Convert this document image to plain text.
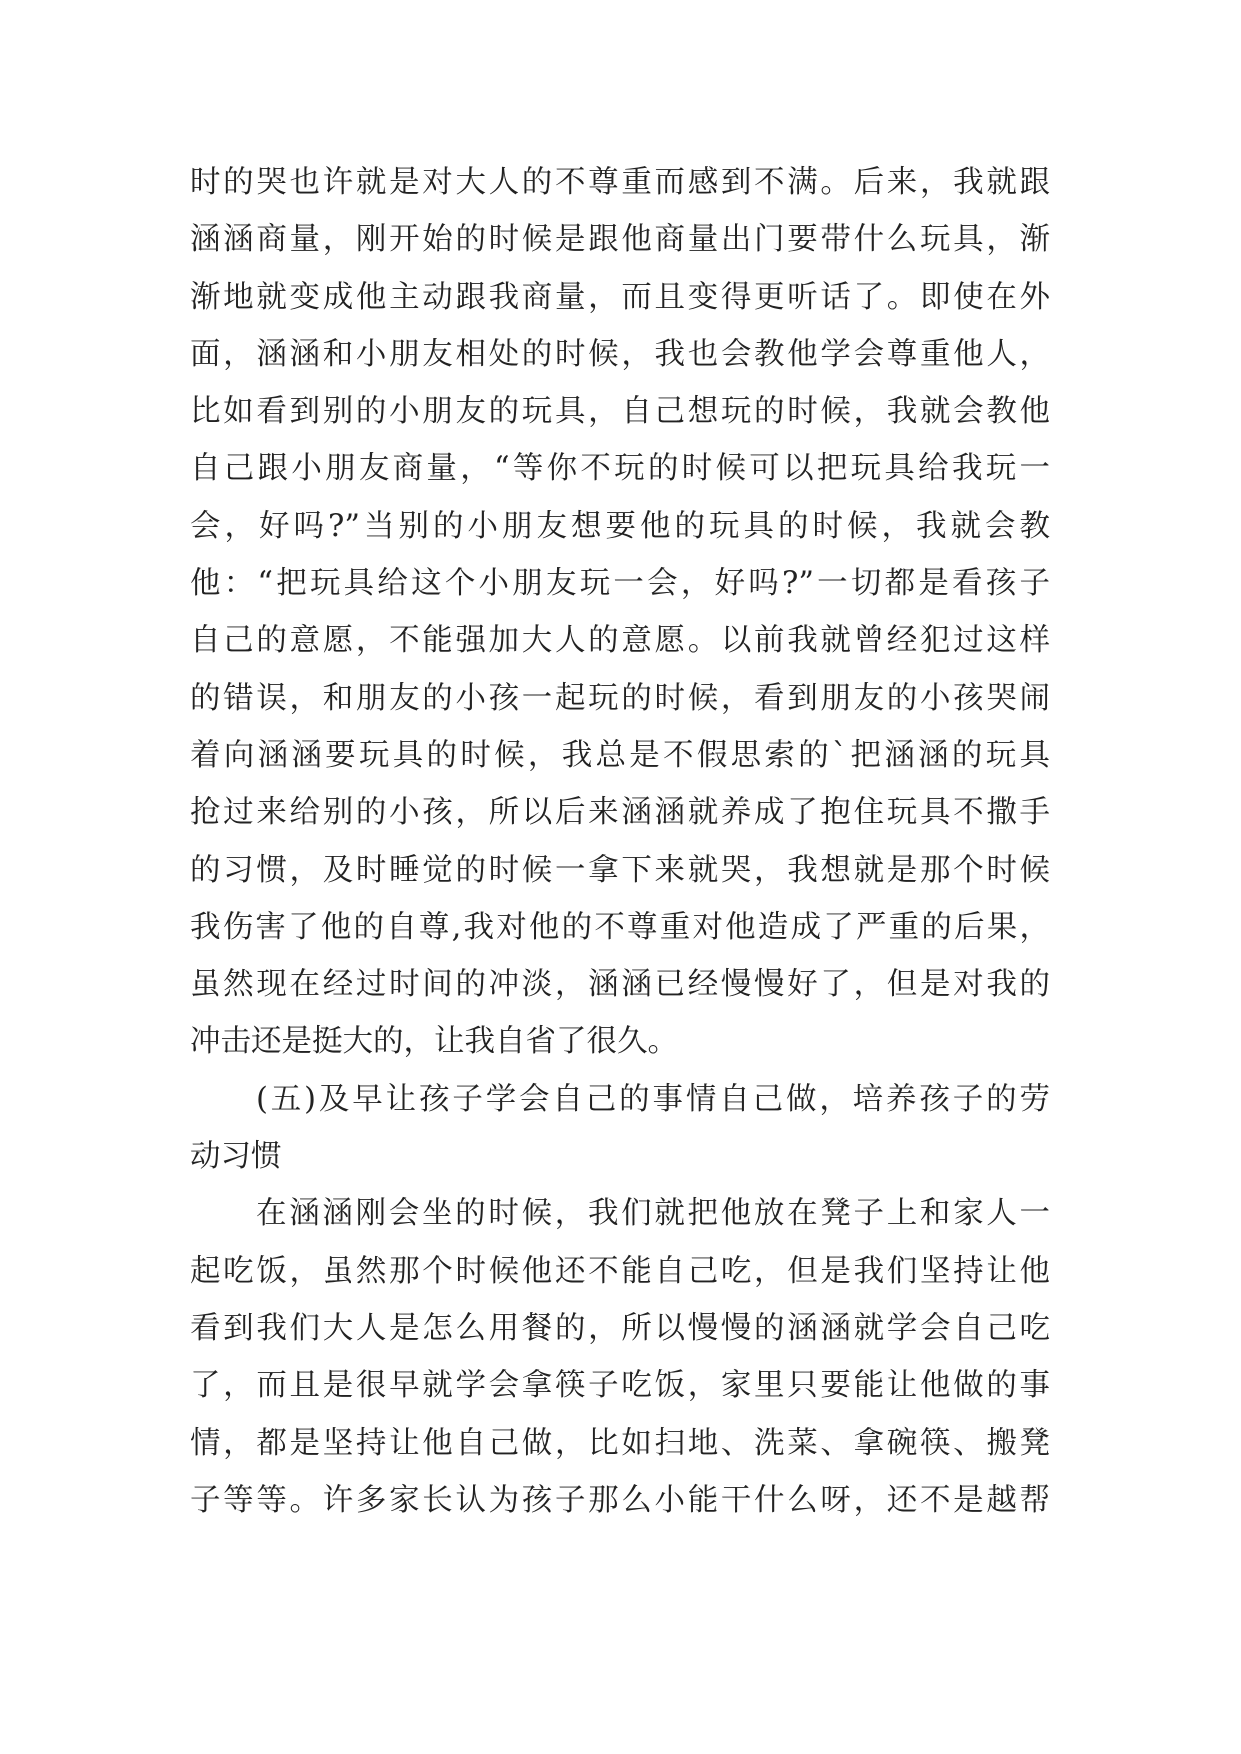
时的哭也许就是对大人的不尊重而感到不满。后来，我就跟
涵涵商量，刚开始的时候是跟他商量出门要带什么玩具，渐
渐地就变成他主动跟我商量，而且变得更听话了。即使在外
面，涵涵和小朋友相处的时候，我也会教他学会尊重他人，
比如看到别的小朋友的玩具，自己想玩的时候，我就会教他
自己跟小朋友商量，“等你不玩的时候可以把玩具给我玩一
会，好吗?”当别的小朋友想要他的玩具的时候，我就会教
他：“把玩具给这个小朋友玩一会，好吗?”一切都是看孩子
自己的意愿，不能强加大人的意愿。以前我就曾经犯过这样
的错误，和朋友的小孩一起玩的时候，看到朋友的小孩哭闹
着向涵涵要玩具的时候，我总是不假思索的`把涵涵的玩具
抢过来给别的小孩，所以后来涵涵就养成了抱住玩具不撒手
的习惯，及时睡觉的时候一拿下来就哭，我想就是那个时候
我伤害了他的自尊,我对他的不尊重对他造成了严重的后果，
虽然现在经过时间的冲淡，涵涵已经慢慢好了，但是对我的
冲击还是挺大的，让我自省了很久。
(五)及早让孩子学会自己的事情自己做，培养孩子的劳
动习惯
在涵涵刚会坐的时候，我们就把他放在凳子上和家人一
起吃饭，虽然那个时候他还不能自己吃，但是我们坚持让他
看到我们大人是怎么用餐的，所以慢慢的涵涵就学会自己吃
了，而且是很早就学会拿筷子吃饭，家里只要能让他做的事
情，都是坚持让他自己做，比如扫地、洗菜、拿碗筷、搬凳
子等等。许多家长认为孩子那么小能干什么呀，还不是越帮
